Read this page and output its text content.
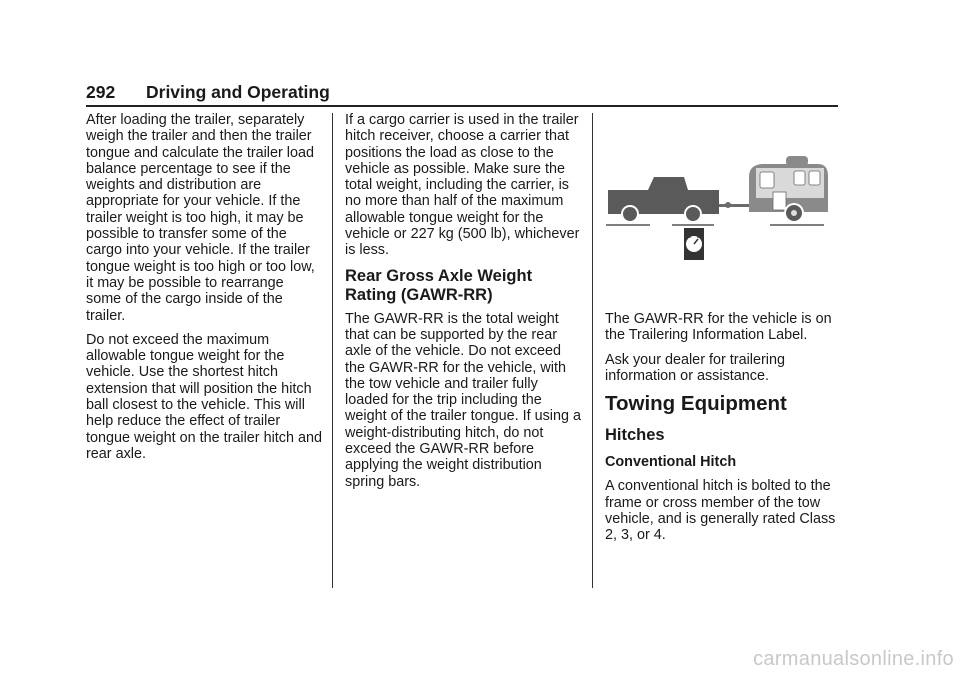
292 Driving and Operating

After loading the trailer, separately weigh the trailer and then the trailer tongue and calculate the trailer load balance percentage to see if the weights and distribution are appropriate for your vehicle. If the trailer weight is too high, it may be possible to transfer some of the cargo into your vehicle. If the trailer tongue weight is too high or too low, it may be possible to rearrange some of the cargo inside of the trailer.

Do not exceed the maximum allowable tongue weight for the vehicle. Use the shortest hitch extension that will position the hitch ball closest to the vehicle. This will help reduce the effect of trailer tongue weight on the trailer hitch and rear axle.

If a cargo carrier is used in the trailer hitch receiver, choose a carrier that positions the load as close to the vehicle as possible. Make sure the total weight, including the carrier, is no more than half of the maximum allowable tongue weight for the vehicle or 227 kg (500 lb), whichever is less.

Rear Gross Axle Weight Rating (GAWR-RR)

The GAWR-RR is the total weight that can be supported by the rear axle of the vehicle. Do not exceed the GAWR-RR for the vehicle, with the tow vehicle and trailer fully loaded for the trip including the weight of the trailer tongue. If using a weight-distributing hitch, do not exceed the GAWR-RR before applying the weight distribution spring bars.

The GAWR-RR for the vehicle is on the Trailering Information Label.

Ask your dealer for trailering information or assistance.

Towing Equipment
Hitches
Conventional Hitch

A conventional hitch is bolted to the frame or cross member of the tow vehicle, and is generally rated Class 2, 3, or 4.

carmanualsonline.info
